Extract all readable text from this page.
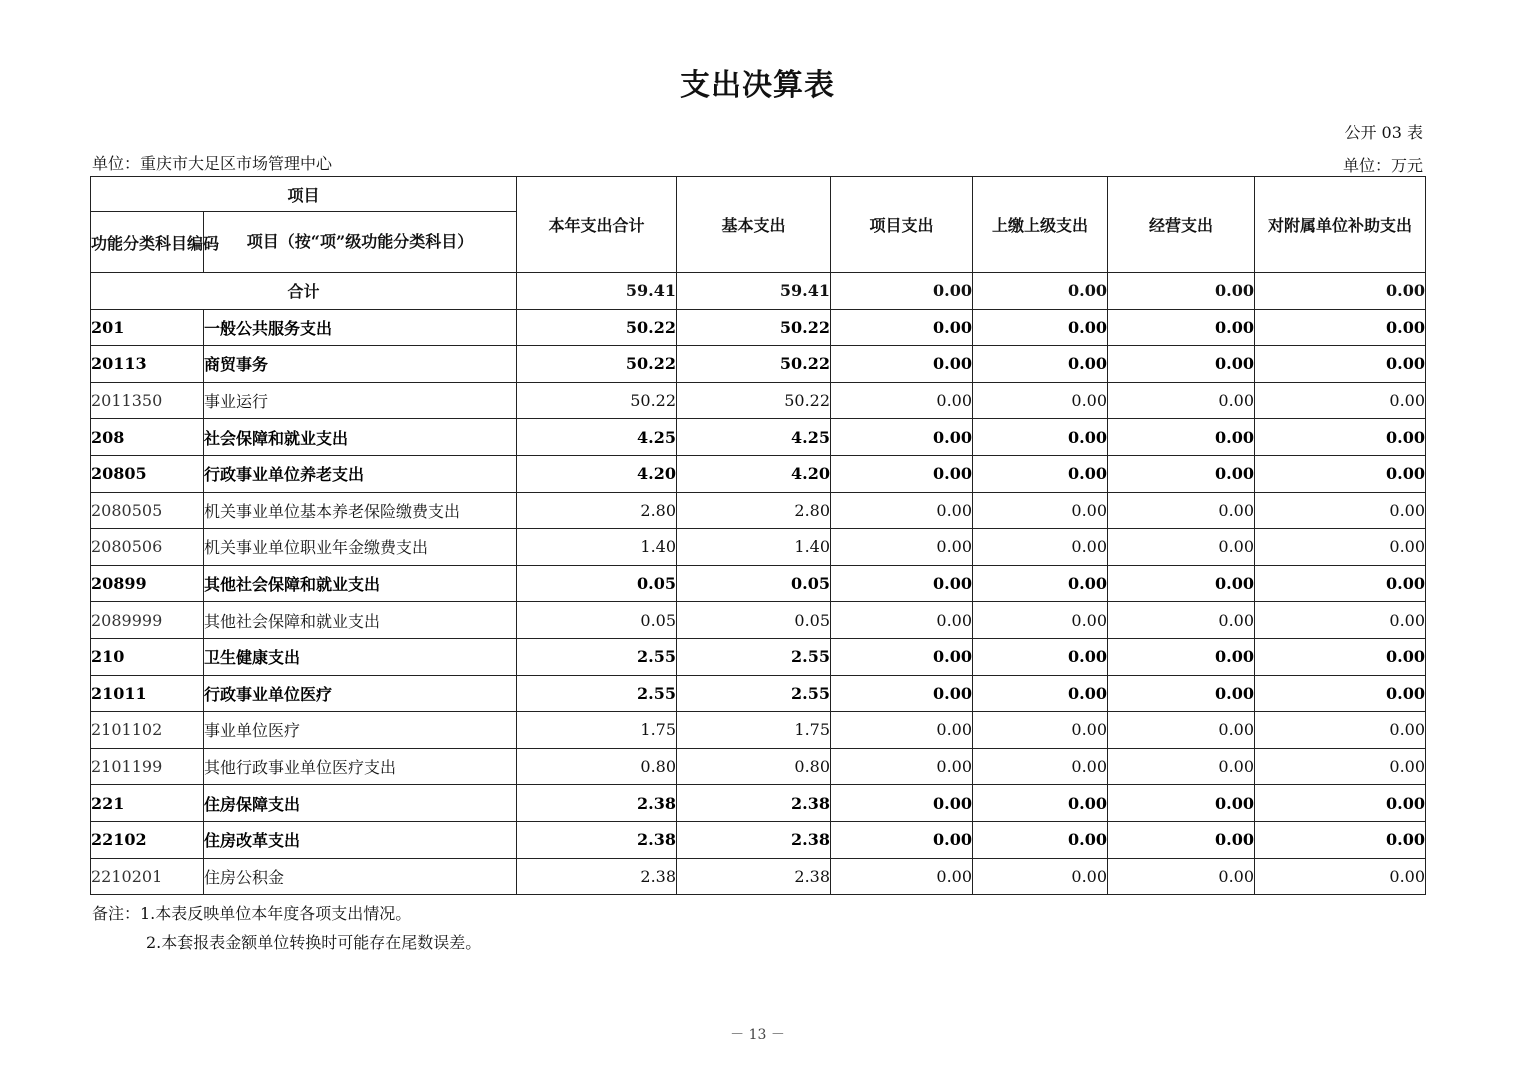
支出决算表
公开 03 表
单位：重庆市大足区市场管理中心	单位：万元
项目		本年支出合计	基本支出	项目支出	上缴上级支出	经营支出	对附属单位补助支出
功能分类科目编码	项目（按“项”级功能分类科目）						
合计		59.41	59.41	0.00	0.00	0.00	0.00
201	一般公共服务支出	50.22	50.22	0.00	0.00	0.00	0.00
20113	商贸事务	50.22	50.22	0.00	0.00	0.00	0.00
2011350	事业运行	50.22	50.22	0.00	0.00	0.00	0.00
208	社会保障和就业支出	4.25	4.25	0.00	0.00	0.00	0.00
20805	行政事业单位养老支出	4.20	4.20	0.00	0.00	0.00	0.00
2080505	机关事业单位基本养老保险缴费支出	2.80	2.80	0.00	0.00	0.00	0.00
2080506	机关事业单位职业年金缴费支出	1.40	1.40	0.00	0.00	0.00	0.00
20899	其他社会保障和就业支出	0.05	0.05	0.00	0.00	0.00	0.00
2089999	其他社会保障和就业支出	0.05	0.05	0.00	0.00	0.00	0.00
210	卫生健康支出	2.55	2.55	0.00	0.00	0.00	0.00
21011	行政事业单位医疗	2.55	2.55	0.00	0.00	0.00	0.00
2101102	事业单位医疗	1.75	1.75	0.00	0.00	0.00	0.00
2101199	其他行政事业单位医疗支出	0.80	0.80	0.00	0.00	0.00	0.00
221	住房保障支出	2.38	2.38	0.00	0.00	0.00	0.00
22102	住房改革支出	2.38	2.38	0.00	0.00	0.00	0.00
2210201	住房公积金	2.38	2.38	0.00	0.00	0.00	0.00
备注：1.本表反映单位本年度各项支出情况。
2.本套报表金额单位转换时可能存在尾数误差。
－ 13 －
